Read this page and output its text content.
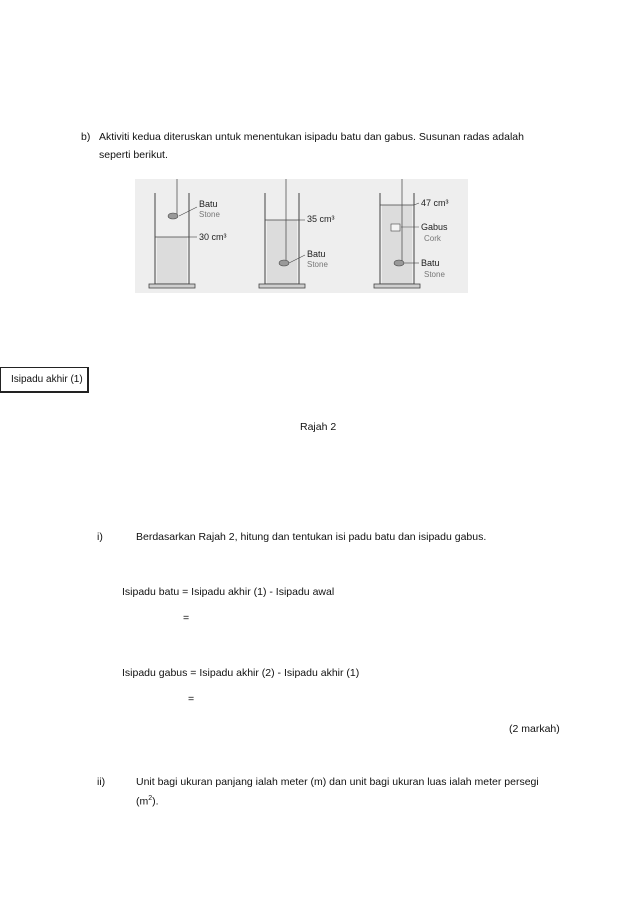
b) Aktiviti kedua diteruskan untuk menentukan isipadu batu dan gabus. Susunan radas adalah
seperti berikut.
Batu
Stone
30 cm³
35 cm³
Batu
Stone
47 cm³
Gabus
Cork
Batu
Stone
Isipadu akhir (1)
Rajah 2
i)	Berdasarkan Rajah 2, hitung dan tentukan isi padu batu dan isipadu gabus.
Isipadu batu = Isipadu akhir (1) - Isipadu awal
=
Isipadu gabus = Isipadu akhir (2) - Isipadu akhir (1)
=
(2 markah)
ii)	Unit bagi ukuran panjang ialah meter (m) dan unit bagi ukuran luas ialah meter persegi
$(m^2)$.
